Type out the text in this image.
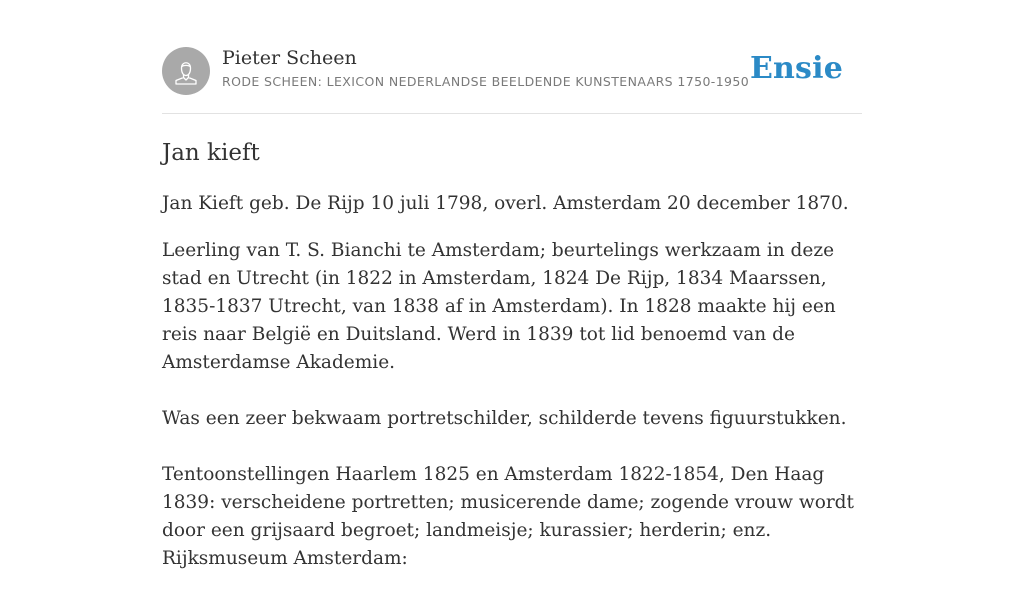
Pieter Scheen
RODE SCHEEN: LEXICON NEDERLANDSE BEELDENDE KUNSTENAARS 1750-1950 Ensie
Jan kieft

Jan Kieft geb. De Rijp 10 juli 1798, overl. Amsterdam 20 december 1870.

Leerling van T. S. Bianchi te Amsterdam; beurtelings werkzaam in deze stad en Utrecht (in 1822 in Amsterdam, 1824 De Rijp, 1834 Maarssen, 1835-1837 Utrecht, van 1838 af in Amsterdam). In 1828 maakte hij een reis naar België en Duitsland. Werd in 1839 tot lid benoemd van de Amsterdamse Akademie.

Was een zeer bekwaam portretschilder, schilderde tevens figuurstukken.

Tentoonstellingen Haarlem 1825 en Amsterdam 1822-1854, Den Haag 1839: verscheidene portretten; musicerende dame; zogende vrouw wordt door een grijsaard begroet; landmeisje; kurassier; herderin; enz. Rijksmuseum Amsterdam:
